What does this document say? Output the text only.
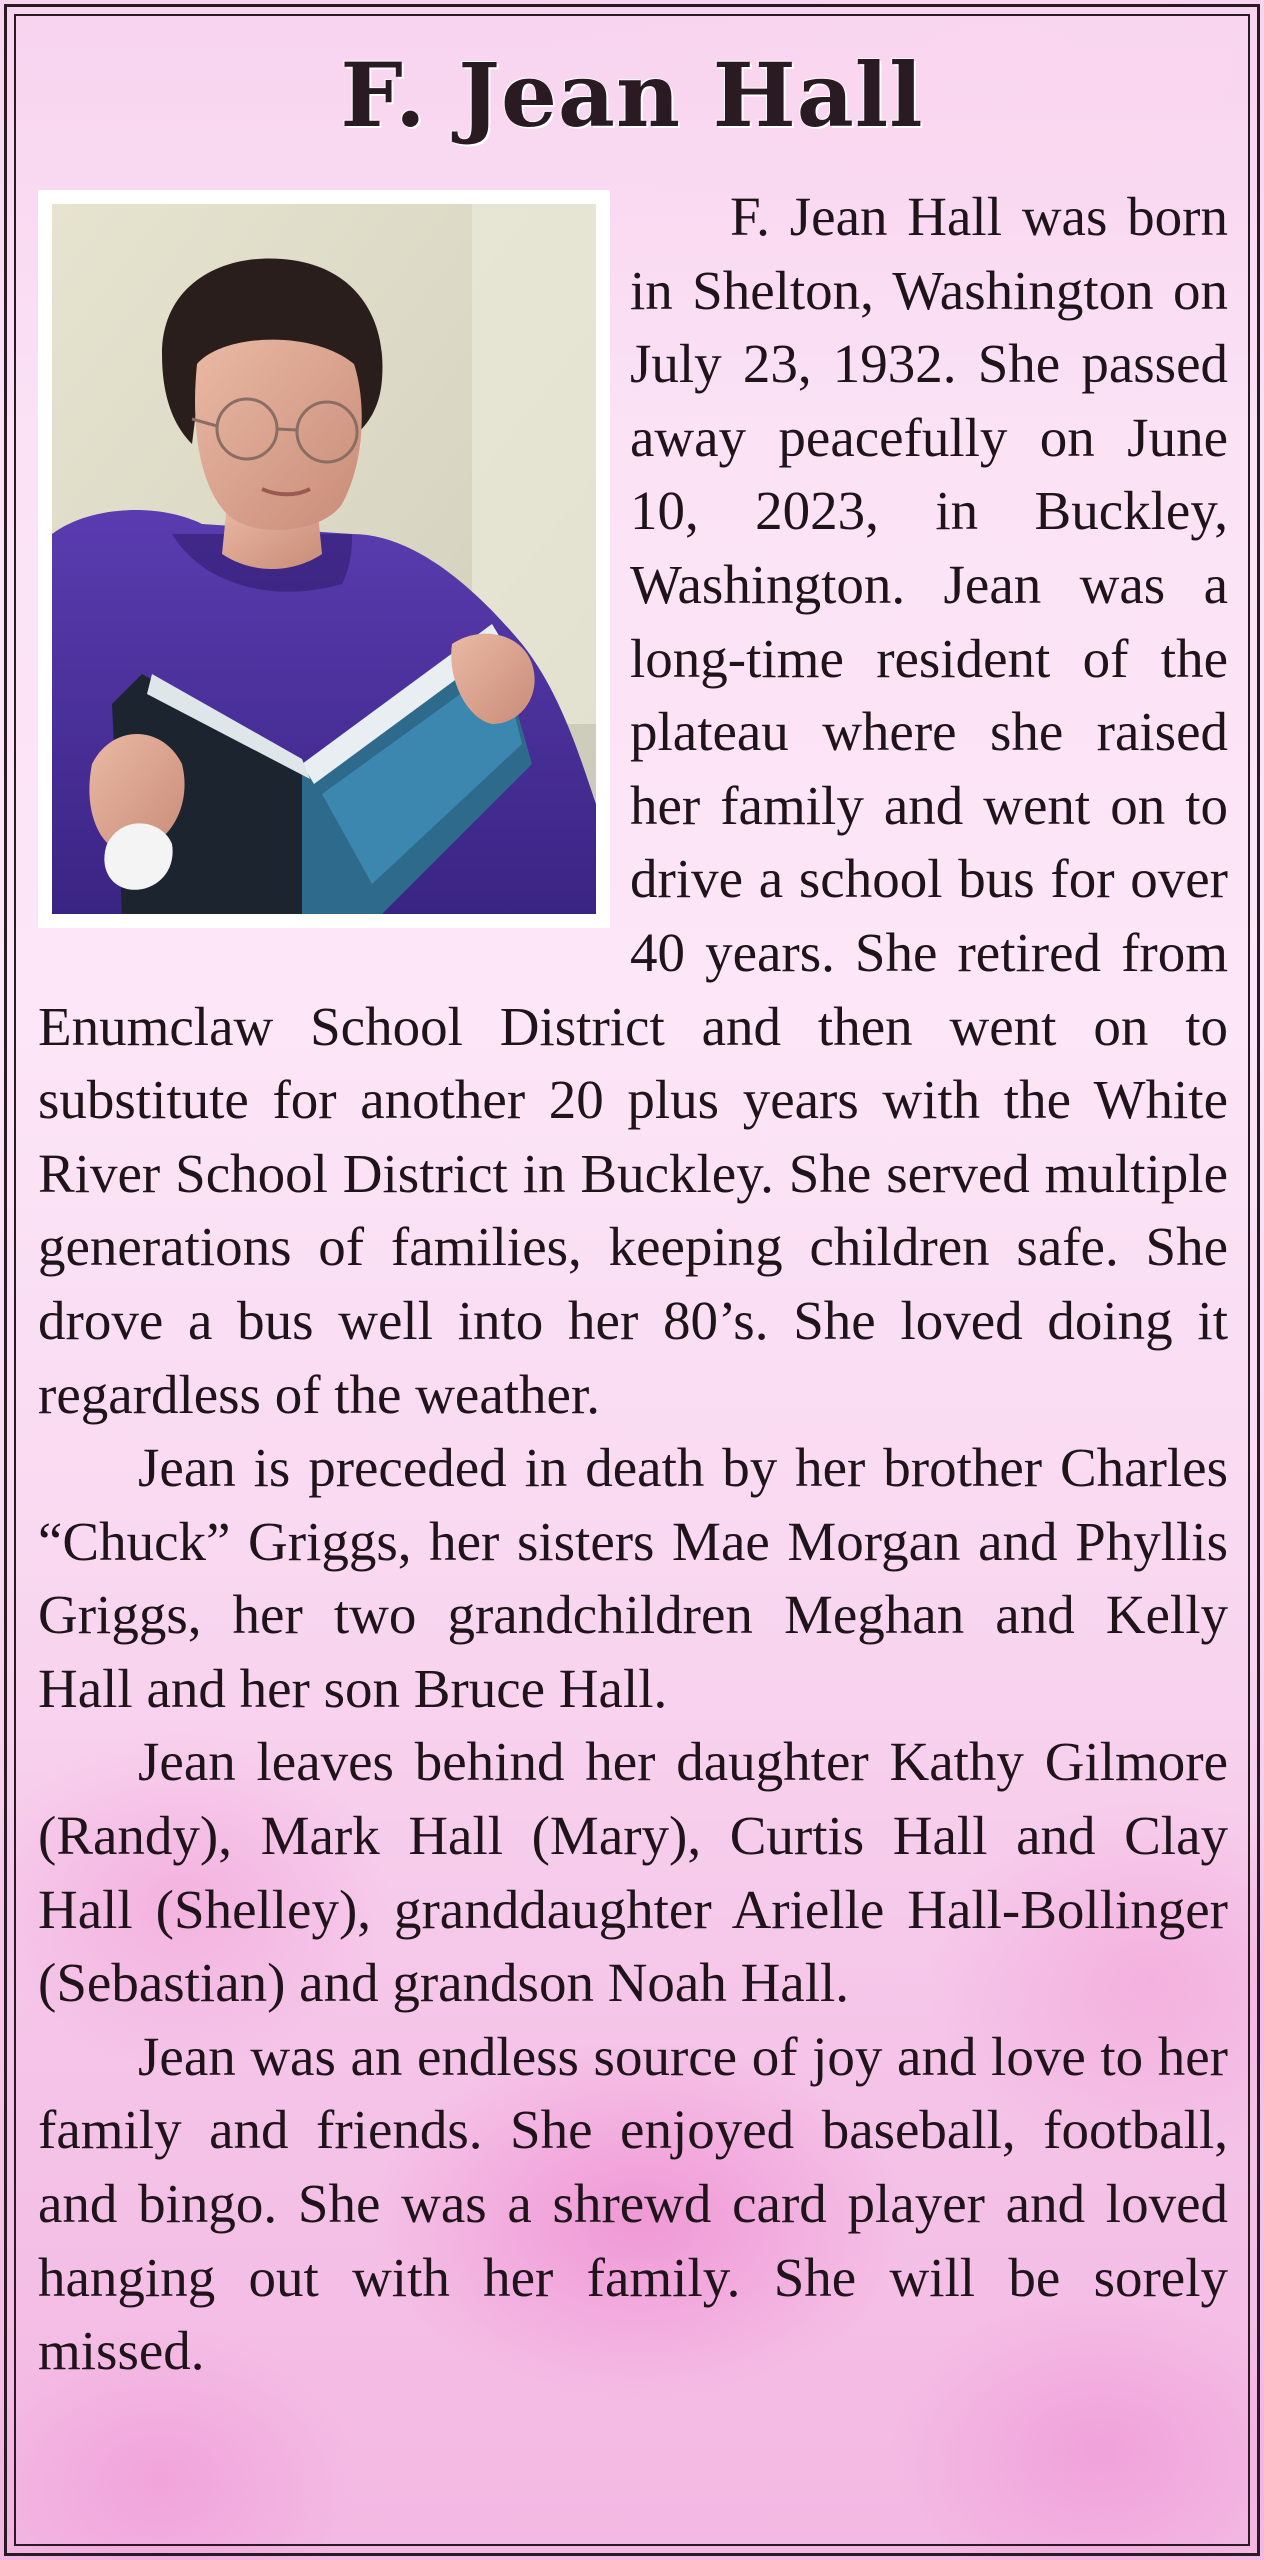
F. Jean Hall

F. Jean Hall was born in Shelton, Washington on July 23, 1932. She passed away peacefully on June 10, 2023, in Buckley, Washington. Jean was a long-time resident of the plateau where she raised her family and went on to drive a school bus for over 40 years. She retired from Enumclaw School District and then went on to substitute for another 20 plus years with the White River School District in Buckley. She served multiple generations of families, keeping children safe. She drove a bus well into her 80’s. She loved doing it regardless of the weather.

Jean is preceded in death by her brother Charles “Chuck” Griggs, her sisters Mae Morgan and Phyllis Griggs, her two grandchildren Meghan and Kelly Hall and her son Bruce Hall.

Jean leaves behind her daughter Kathy Gilmore (Randy), Mark Hall (Mary), Curtis Hall and Clay Hall (Shelley), granddaughter Arielle Hall-Bollinger (Sebastian) and grandson Noah Hall.

Jean was an endless source of joy and love to her family and friends. She enjoyed baseball, football, and bingo. She was a shrewd card player and loved hanging out with her family. She will be sorely missed.
